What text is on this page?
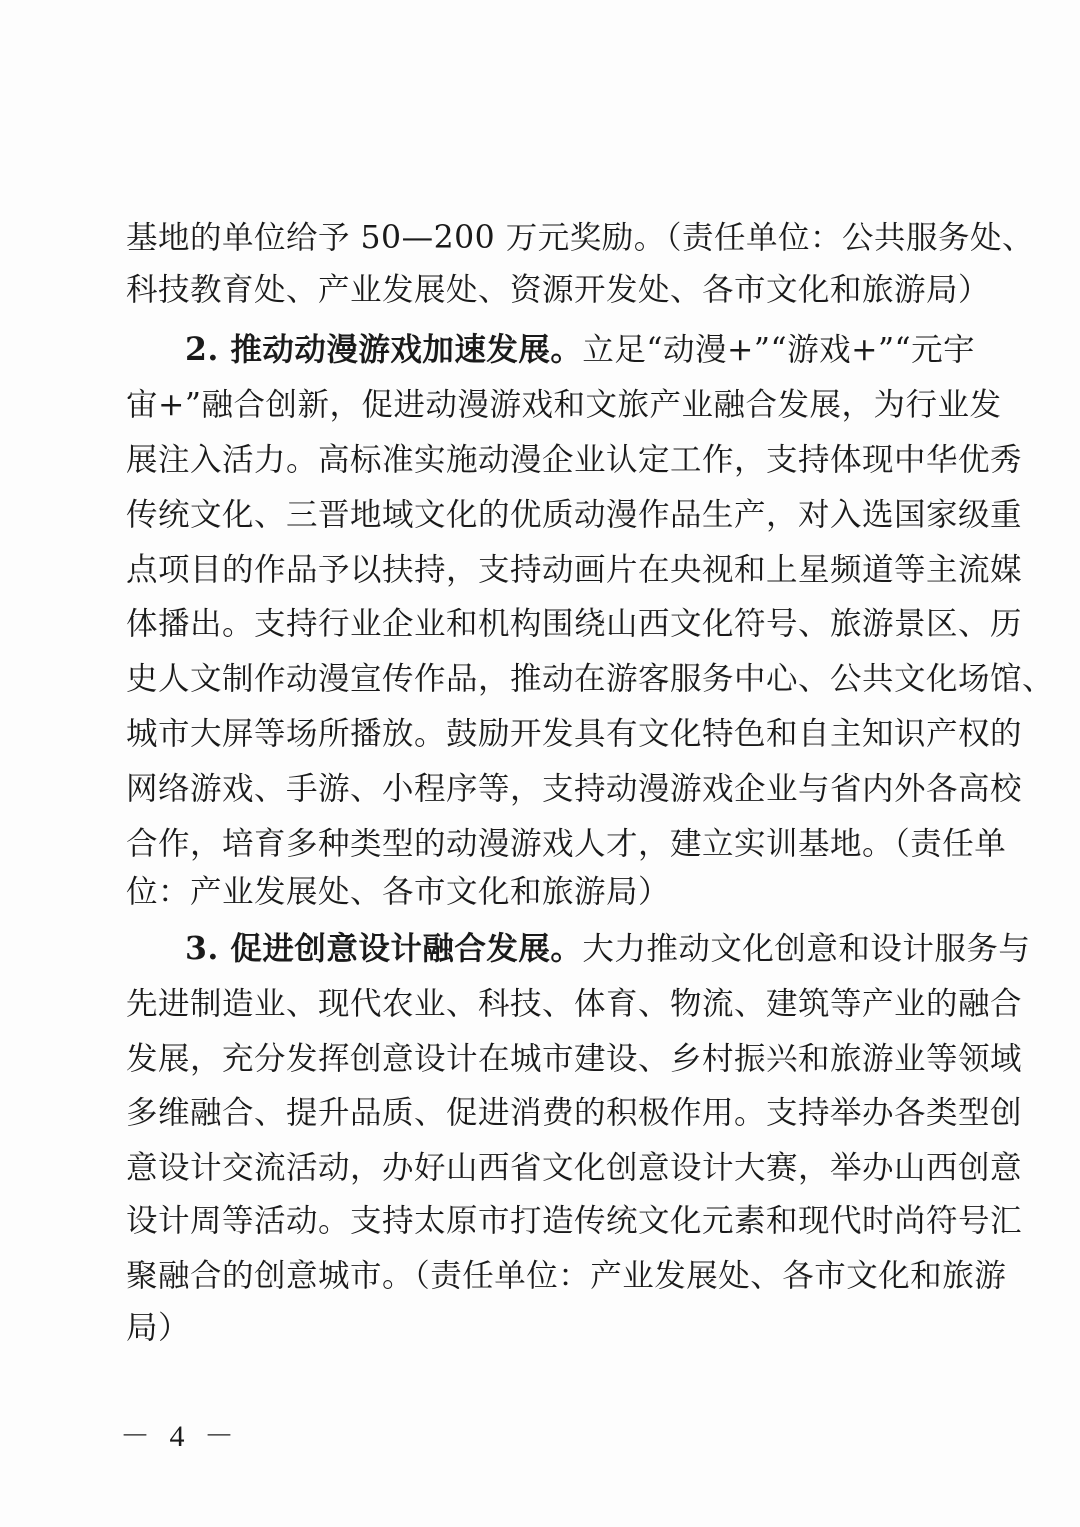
基地的单位给予 50—200 万元奖励。（责任单位：公共服务处、
科技教育处、产业发展处、资源开发处、各市文化和旅游局）
2. 推动动漫游戏加速发展。立足“动漫+”“游戏+”“元宇
宙+”融合创新，促进动漫游戏和文旅产业融合发展，为行业发
展注入活力。高标准实施动漫企业认定工作，支持体现中华优秀
传统文化、三晋地域文化的优质动漫作品生产，对入选国家级重
点项目的作品予以扶持，支持动画片在央视和上星频道等主流媒
体播出。支持行业企业和机构围绕山西文化符号、旅游景区、历
史人文制作动漫宣传作品，推动在游客服务中心、公共文化场馆、
城市大屏等场所播放。鼓励开发具有文化特色和自主知识产权的
网络游戏、手游、小程序等，支持动漫游戏企业与省内外各高校
合作，培育多种类型的动漫游戏人才，建立实训基地。（责任单
位：产业发展处、各市文化和旅游局）
3. 促进创意设计融合发展。大力推动文化创意和设计服务与
先进制造业、现代农业、科技、体育、物流、建筑等产业的融合
发展，充分发挥创意设计在城市建设、乡村振兴和旅游业等领域
多维融合、提升品质、促进消费的积极作用。支持举办各类型创
意设计交流活动，办好山西省文化创意设计大赛，举办山西创意
设计周等活动。支持太原市打造传统文化元素和现代时尚符号汇
聚融合的创意城市。（责任单位：产业发展处、各市文化和旅游
局）
－ 4 －
